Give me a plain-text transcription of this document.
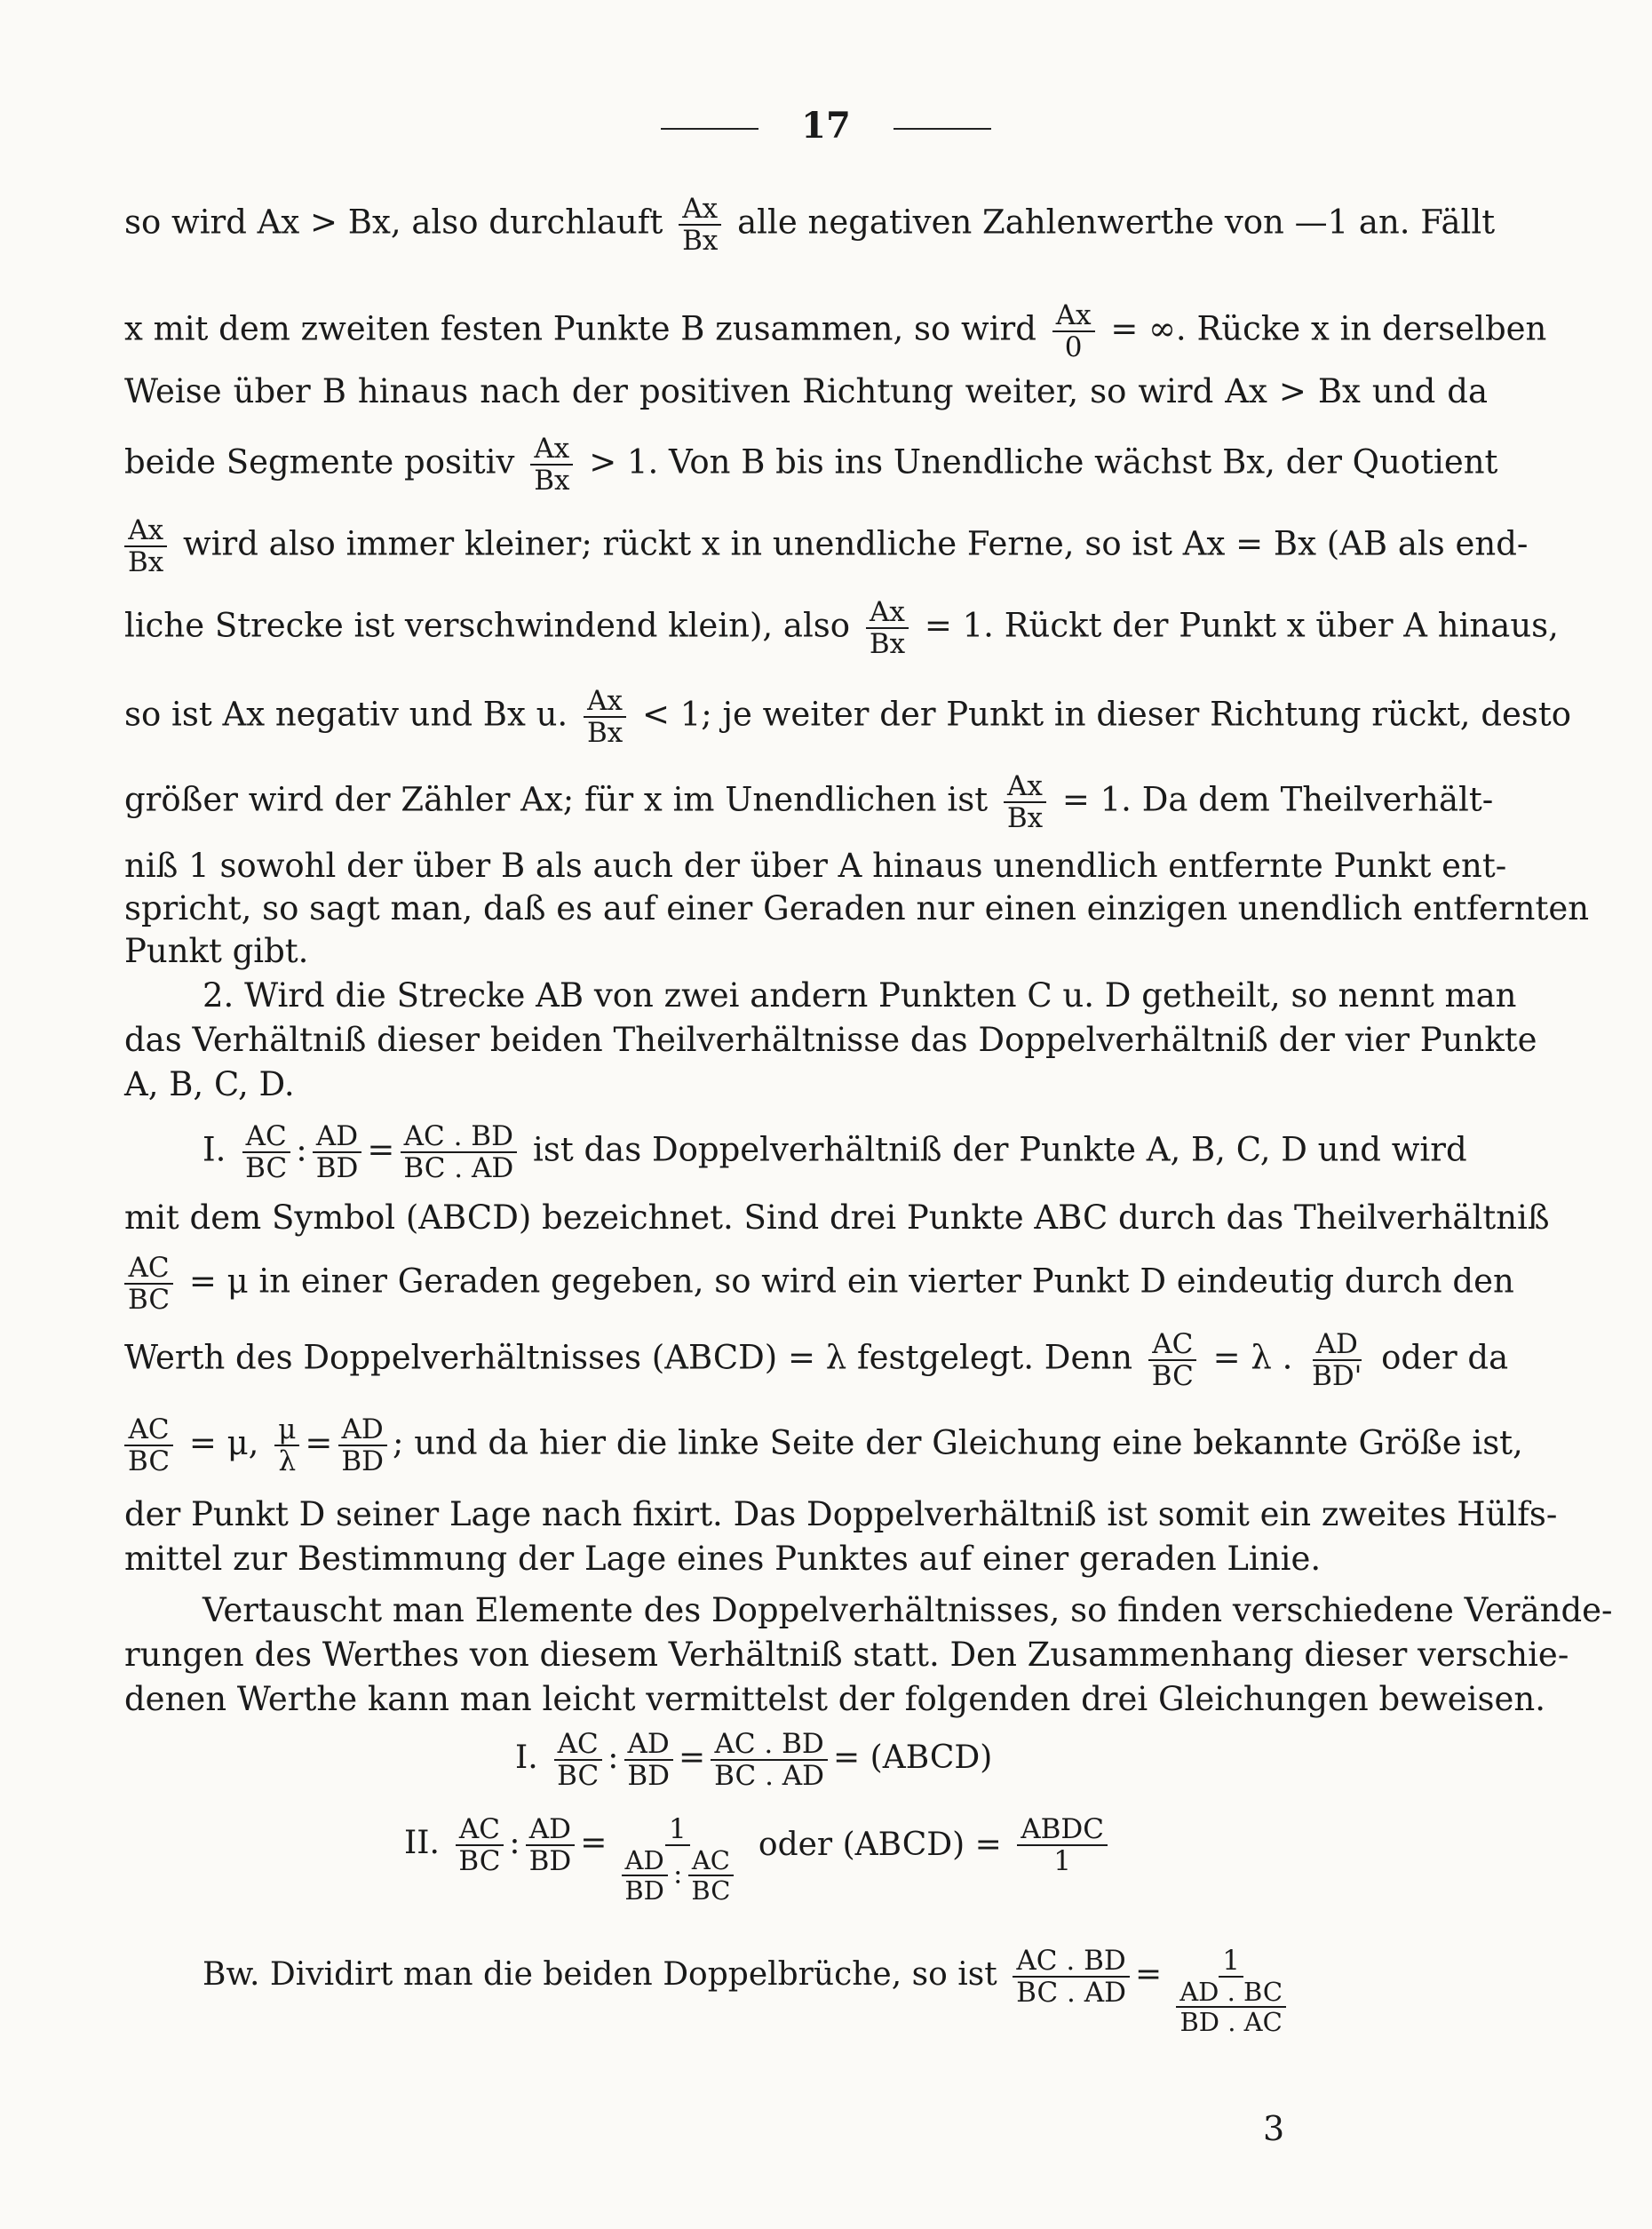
17
so wird Ax > Bx, also durchlauft $\frac{Ax}{Bx}$ alle negativen Zahlenwerthe von —1 an. Fällt
x mit dem zweiten festen Punkte B zusammen, so wird $\frac{Ax}{0}$ = ∞. Rücke x in derselben
Weise über B hinaus nach der positiven Richtung weiter, so wird Ax > Bx und da
beide Segmente positiv $\frac{Ax}{Bx} > 1$. Von B bis ins Unendliche wächst Bx, der Quotient
$\frac{Ax}{Bx}$ wird also immer kleiner; rückt x in unendliche Ferne, so ist Ax = Bx (AB als end-
liche Strecke ist verschwindend klein), also $\frac{Ax}{Bx} = 1$. Rückt der Punkt x über A hinaus,
so ist Ax negativ und Bx u. $\frac{Ax}{Bx} < 1$; je weiter der Punkt in dieser Richtung rückt, desto
größer wird der Zähler Ax; für x im Unendlichen ist $\frac{Ax}{Bx} = 1$. Da dem Theilverhält-
niß 1 sowohl der über B als auch der über A hinaus unendlich entfernte Punkt ent-
spricht, so sagt man, daß es auf einer Geraden nur einen einzigen unendlich entfernten
Punkt gibt.
2. Wird die Strecke AB von zwei andern Punkten C u. D getheilt, so nennt man
das Verhältniß dieser beiden Theilverhältnisse das Doppelverhältniß der vier Punkte
A, B, C, D.
I. $\frac{AC}{BC}$ : $\frac{AD}{BD} = \frac{AC . BD}{BC . AD}$ ist das Doppelverhältniß der Punkte A, B, C, D und wird
mit dem Symbol (ABCD) bezeichnet. Sind drei Punkte ABC durch das Theilverhältniß
$\frac{AC}{BC} = \mu$ in einer Geraden gegeben, so wird ein vierter Punkt D eindeutig durch den
Werth des Doppelverhältnisses (ABCD) = λ festgelegt. Denn $\frac{AC}{BC} = \lambda$ . $\frac{AD}{BD'}$ oder da
$\frac{AC}{BC} = \mu$, $\frac{\mu}{\lambda} = \frac{AD}{BD}$ ; und da hier die linke Seite der Gleichung eine bekannte Größe ist,
der Punkt D seiner Lage nach fixirt. Das Doppelverhältniß ist somit ein zweites Hülfs-
mittel zur Bestimmung der Lage eines Punktes auf einer geraden Linie.
Vertauscht man Elemente des Doppelverhältnisses, so finden verschiedene Verände-
rungen des Werthes von diesem Verhältniß statt. Den Zusammenhang dieser verschie-
denen Werthe kann man leicht vermittelst der folgenden drei Gleichungen beweisen.
I. $\frac{AC}{BC}$ : $\frac{AD}{BD} = \frac{AC . BD}{BC . AD}$ = (ABCD)
II. $\frac{AC}{BC}$ : $\frac{AD}{BD} = \frac{1}{\frac{AD}{BD} : \frac{AC}{BC}}$ oder (ABCD) = $\frac{\text{ABDC}}{1}$
Bw. Dividirt man die beiden Doppelbrüche, so ist $\frac{AC . BD}{BC . AD} = \frac{1}{\frac{AD . BC}{BD . AC}}$
3
